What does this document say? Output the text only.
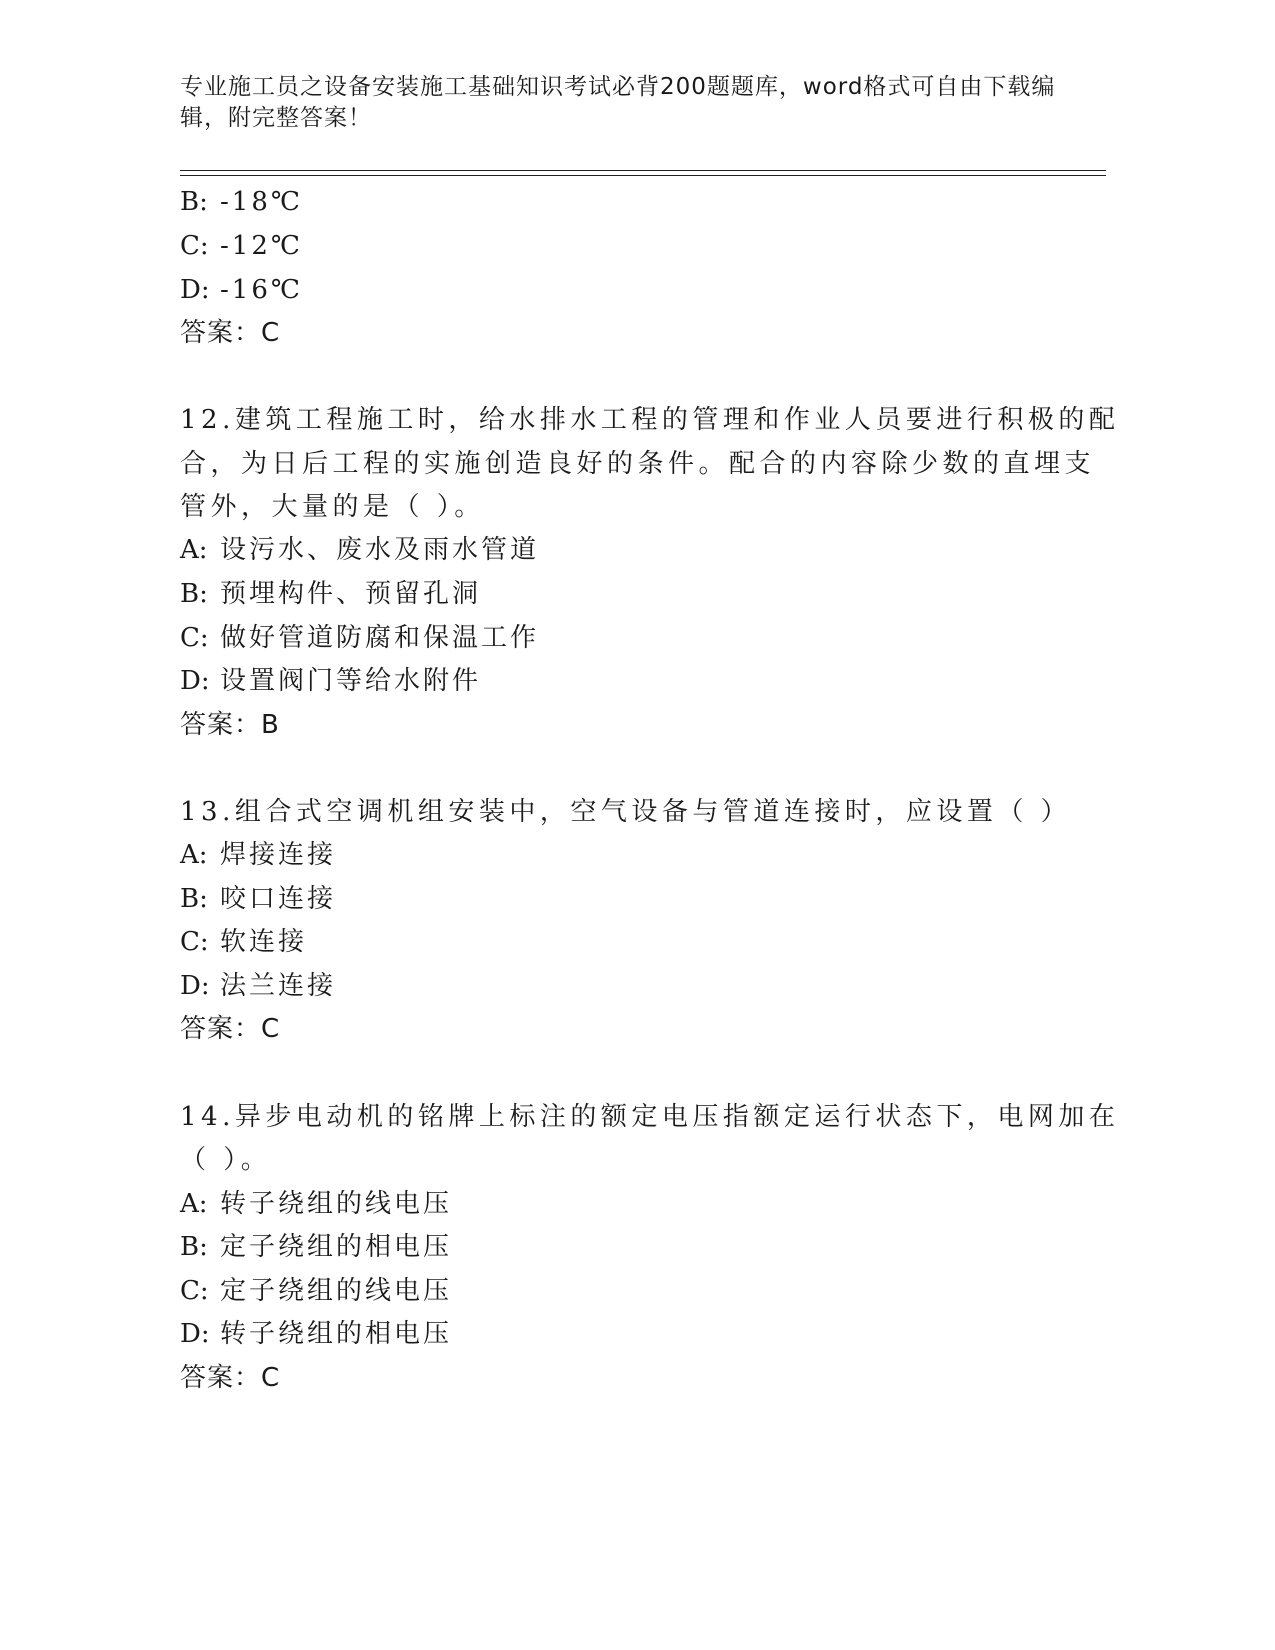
专业施工员之设备安装施工基础知识考试必背200题题库，word格式可自由下载编辑，附完整答案！
B: -18℃
C: -12℃
D: -16℃
答案：C
12.建筑工程施工时，给水排水工程的管理和作业人员要进行积极的配
合，为日后工程的实施创造良好的条件。配合的内容除少数的直埋支
管外，大量的是（ ）。
A: 设污水、废水及雨水管道
B: 预埋构件、预留孔洞
C: 做好管道防腐和保温工作
D: 设置阀门等给水附件
答案：B
13.组合式空调机组安装中，空气设备与管道连接时，应设置（ ）
A: 焊接连接
B: 咬口连接
C: 软连接
D: 法兰连接
答案：C
14.异步电动机的铭牌上标注的额定电压指额定运行状态下，电网加在
（ ）。
A: 转子绕组的线电压
B: 定子绕组的相电压
C: 定子绕组的线电压
D: 转子绕组的相电压
答案：C
